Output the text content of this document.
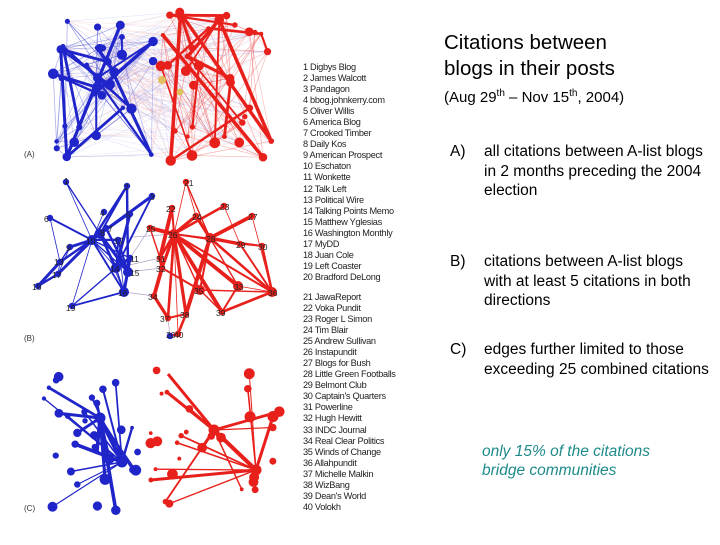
1
2
3
4	5
6
7
8
9
10
11
12
13
14 15
16
17
18
19
20
21
22	23
24
25
26
27
28
29 30
31
32
33
34
35	36
37 38	39
40
(A)
(B)
(C)
1 Digbys Blog
2 James Walcott
3 Pandagon
4 bbog.johnkerry.com
5 Oliver Willis
6 America Blog
7 Crooked Timber
8 Daily Kos
9 American Prospect
10 Eschaton
11 Wonkette
12 Talk Left
13 Political Wire
14 Talking Points Memo
15 Matthew Yglesias
16 Washington Monthly
17 MyDD
18 Juan Cole
19 Left Coaster
20 Bradford DeLong
21 JawaReport
22 Voka Pundit
23 Roger L Simon
24 Tim Blair
25 Andrew Sullivan
26 Instapundit
27 Blogs for Bush
28 Little Green Footballs
29 Belmont Club
30 Captain's Quarters
31 Powerline
32 Hugh Hewitt
33 INDC Journal
34 Real Clear Politics
35 Winds of Change
36 Allahpundit
37 Michelle Malkin
38 WizBang
39 Dean's World
40 Volokh
Citations between
blogs in their posts
(Aug 29th – Nov 15th, 2004)
A) all citations between A-list blogs in 2 months preceding the 2004 election
B) citations between A-list blogs with at least 5 citations in both directions
C) edges further limited to those exceeding 25 combined citations
only 15% of the citations bridge communities
